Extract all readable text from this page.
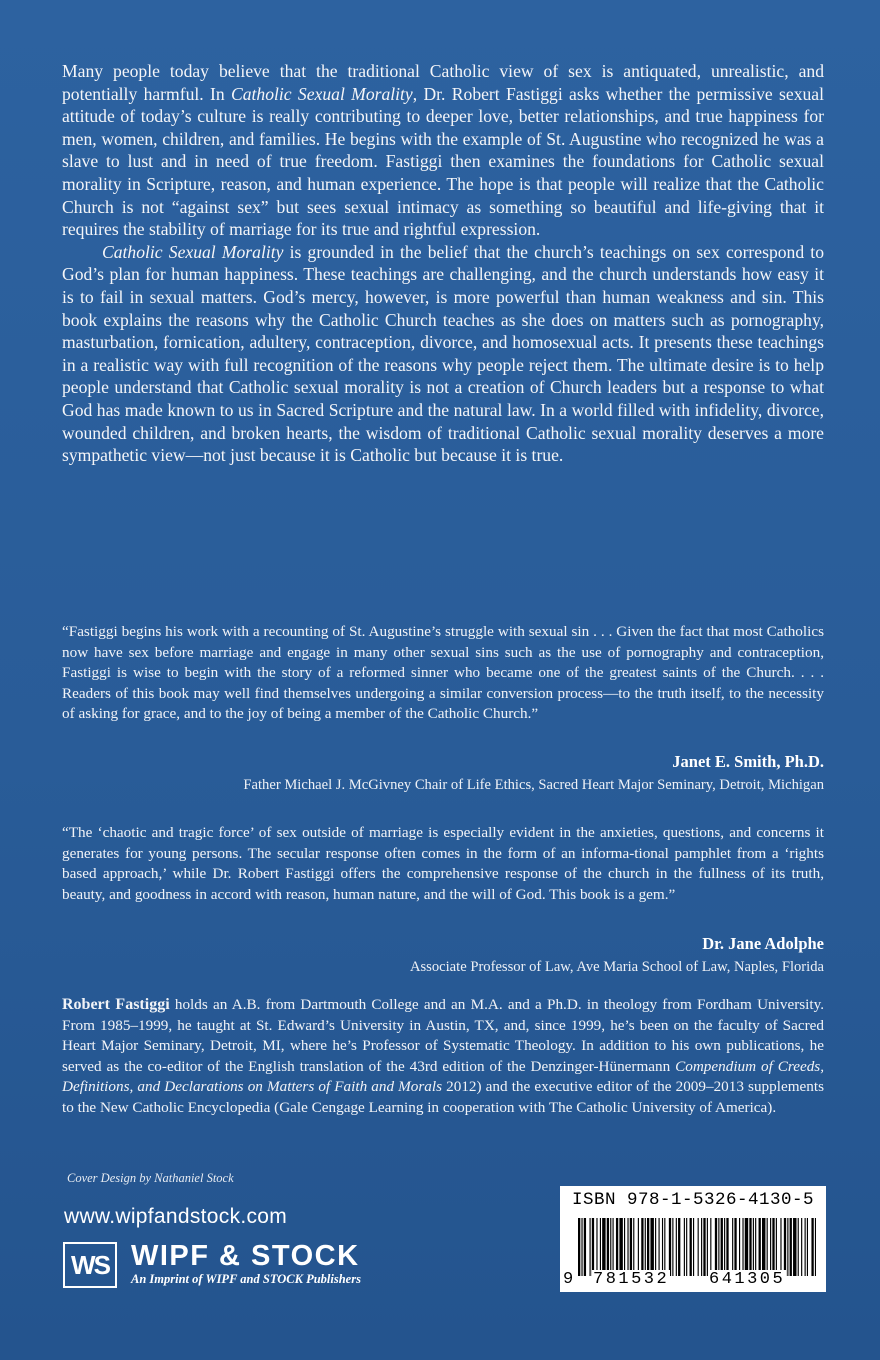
Many people today believe that the traditional Catholic view of sex is antiquated, unrealistic, and potentially harmful. In Catholic Sexual Morality, Dr. Robert Fastiggi asks whether the permissive sexual attitude of today’s culture is really contributing to deeper love, better relationships, and true happiness for men, women, children, and families. He begins with the example of St. Augustine who recognized he was a slave to lust and in need of true freedom. Fastiggi then examines the foundations for Catholic sexual morality in Scripture, reason, and human experience. The hope is that people will realize that the Catholic Church is not “against sex” but sees sexual intimacy as something so beautiful and life-giving that it requires the stability of marriage for its true and rightful expression.

Catholic Sexual Morality is grounded in the belief that the church’s teachings on sex correspond to God’s plan for human happiness. These teachings are challenging, and the church understands how easy it is to fail in sexual matters. God’s mercy, however, is more powerful than human weakness and sin. This book explains the reasons why the Catholic Church teaches as she does on matters such as pornography, masturbation, fornication, adultery, contraception, divorce, and homosexual acts. It presents these teachings in a realistic way with full recognition of the reasons why people reject them. The ultimate desire is to help people understand that Catholic sexual morality is not a creation of Church leaders but a response to what God has made known to us in Sacred Scripture and the natural law. In a world filled with infidelity, divorce, wounded children, and broken hearts, the wisdom of traditional Catholic sexual morality deserves a more sympathetic view—not just because it is Catholic but because it is true.

“Fastiggi begins his work with a recounting of St. Augustine’s struggle with sexual sin . . . Given the fact that most Catholics now have sex before marriage and engage in many other sexual sins such as the use of pornography and contraception, Fastiggi is wise to begin with the story of a reformed sinner who became one of the greatest saints of the Church. . . . Readers of this book may well find themselves undergoing a similar conversion process—to the truth itself, to the necessity of asking for grace, and to the joy of being a member of the Catholic Church.”

Janet E. Smith, Ph.D.
Father Michael J. McGivney Chair of Life Ethics, Sacred Heart Major Seminary, Detroit, Michigan

“The ‘chaotic and tragic force’ of sex outside of marriage is especially evident in the anxieties, questions, and concerns it generates for young persons. The secular response often comes in the form of an informa-tional pamphlet from a ‘rights based approach,’ while Dr. Robert Fastiggi offers the comprehensive response of the church in the fullness of its truth, beauty, and goodness in accord with reason, human nature, and the will of God. This book is a gem.”

Dr. Jane Adolphe
Associate Professor of Law, Ave Maria School of Law, Naples, Florida

Robert Fastiggi holds an A.B. from Dartmouth College and an M.A. and a Ph.D. in theology from Fordham University. From 1985–1999, he taught at St. Edward’s University in Austin, TX, and, since 1999, he’s been on the faculty of Sacred Heart Major Seminary, Detroit, MI, where he’s Professor of Systematic Theology. In addition to his own publications, he served as the co-editor of the English translation of the 43rd edition of the Denzinger-Hünermann Compendium of Creeds, Definitions, and Declarations on Matters of Faith and Morals 2012) and the executive editor of the 2009–2013 supplements to the New Catholic Encyclopedia (Gale Cengage Learning in cooperation with The Catholic University of America).

Cover Design by Nathaniel Stock
www.wipfandstock.com
WS WIPF & STOCK
An Imprint of WIPF and STOCK Publishers
ISBN 978-1-5326-4130-5
9 781532 641305
